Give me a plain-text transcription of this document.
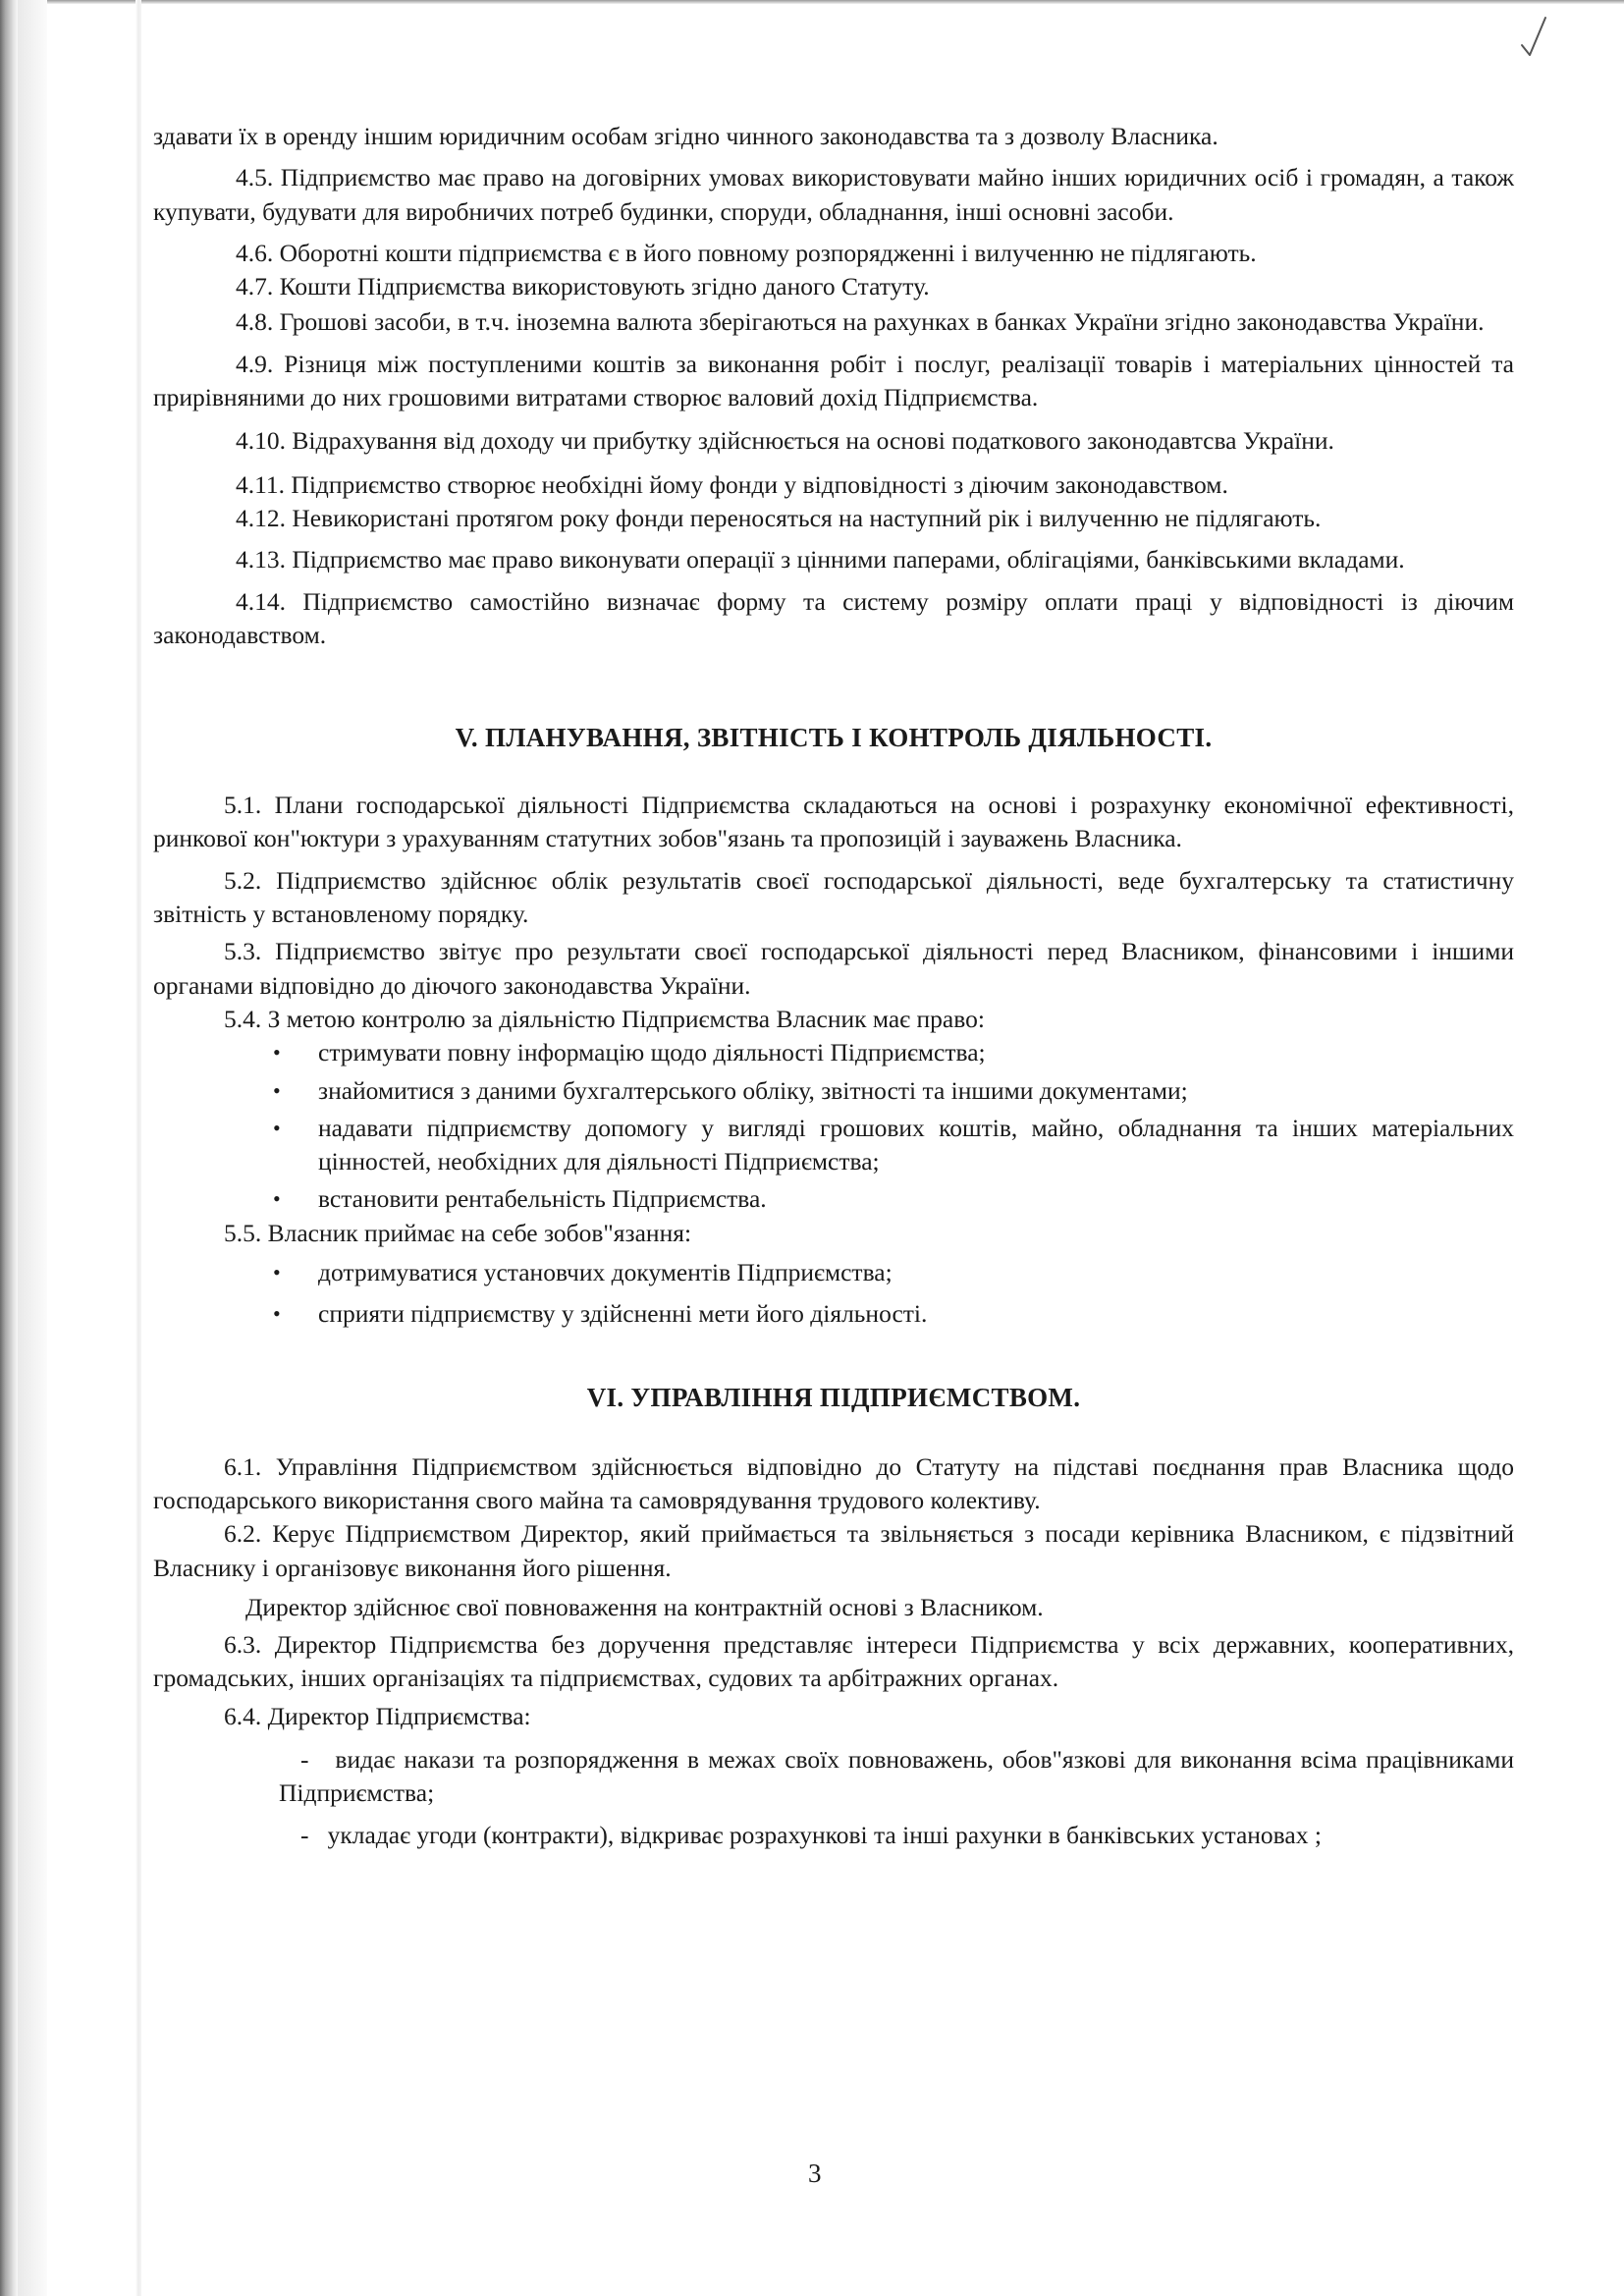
здавати їх в оренду іншим юридичним особам згідно чинного законодавства та з дозволу Власника.

4.5. Підприємство має право на договірних умовах використовувати майно інших юридичних осіб і громадян, а також купувати, будувати для виробничих потреб будинки, споруди, обладнання, інші основні засоби.

4.6. Оборотні кошти підприємства є в його повному розпорядженні і вилученню не підлягають.

4.7. Кошти Підприємства використовують згідно даного Статуту.

4.8. Грошові засоби, в т.ч. іноземна валюта зберігаються на рахунках в банках України згідно законодавства України.

4.9. Різниця між поступленими коштів за виконання робіт і послуг, реалізації товарів і матеріальних цінностей та прирівняними до них грошовими витратами створює валовий дохід Підприємства.

4.10. Відрахування від доходу чи прибутку здійснюється на основі податкового законодавтсва України.

4.11. Підприємство створює необхідні йому фонди у відповідності з діючим законодавством.

4.12. Невикористані протягом року фонди переносяться на наступний рік і вилученню не підлягають.

4.13. Підприємство має право виконувати операції з цінними паперами, облігаціями, банківськими вкладами.

4.14. Підприємство самостійно визначає форму та систему розміру оплати праці у відповідності із діючим законодавством.

V. ПЛАНУВАННЯ, ЗВІТНІСТЬ І КОНТРОЛЬ ДІЯЛЬНОСТІ.

5.1. Плани господарської діяльності Підприємства складаються на основі і розрахунку економічної ефективності, ринкової кон"юктури з урахуванням статутних зобов"язань та пропозицій і зауважень Власника.

5.2. Підприємство здійснює облік результатів своєї господарської діяльності, веде бухгалтерську та статистичну звітність у встановленому порядку.

5.3. Підприємство звітує про результати своєї господарської діяльності перед Власником, фінансовими і іншими органами відповідно до діючого законодавства України.

5.4. З метою контролю за діяльністю Підприємства Власник має право:

• стримувати повну інформацію щодо діяльності Підприємства;
• знайомитися з даними бухгалтерського обліку, звітності та іншими документами;
• надавати підприємству допомогу у вигляді грошових коштів, майно, обладнання та інших матеріальних цінностей, необхідних для діяльності Підприємства;
• встановити рентабельність Підприємства.

5.5. Власник приймає на себе зобов"язання:

• дотримуватися установчих документів Підприємства;
• сприяти підприємству у здійсненні мети його діяльності.
VI. УПРАВЛІННЯ ПІДПРИЄМСТВОМ.

6.1. Управління Підприємством здійснюється відповідно до Статуту на підставі поєднання прав Власника щодо господарського використання свого майна та самоврядування трудового колективу.

6.2. Керує Підприємством Директор, який приймається та звільняється з посади керівника Власником, є підзвітний Власнику і організовує виконання його рішення.

Директор здійснює свої повноваження на контрактній основі з Власником.

6.3. Директор Підприємства без доручення представляє інтереси Підприємства у всіх державних, кооперативних, громадських, інших організаціях та підприємствах, судових та арбітражних органах.

6.4. Директор Підприємства:

-   видає накази та розпорядження в межах своїх повноважень, обов"язкові для виконання всіма працівниками Підприємства;
-   укладає угоди (контракти), відкриває розрахункові та інші рахунки в банківських установах ;
3
